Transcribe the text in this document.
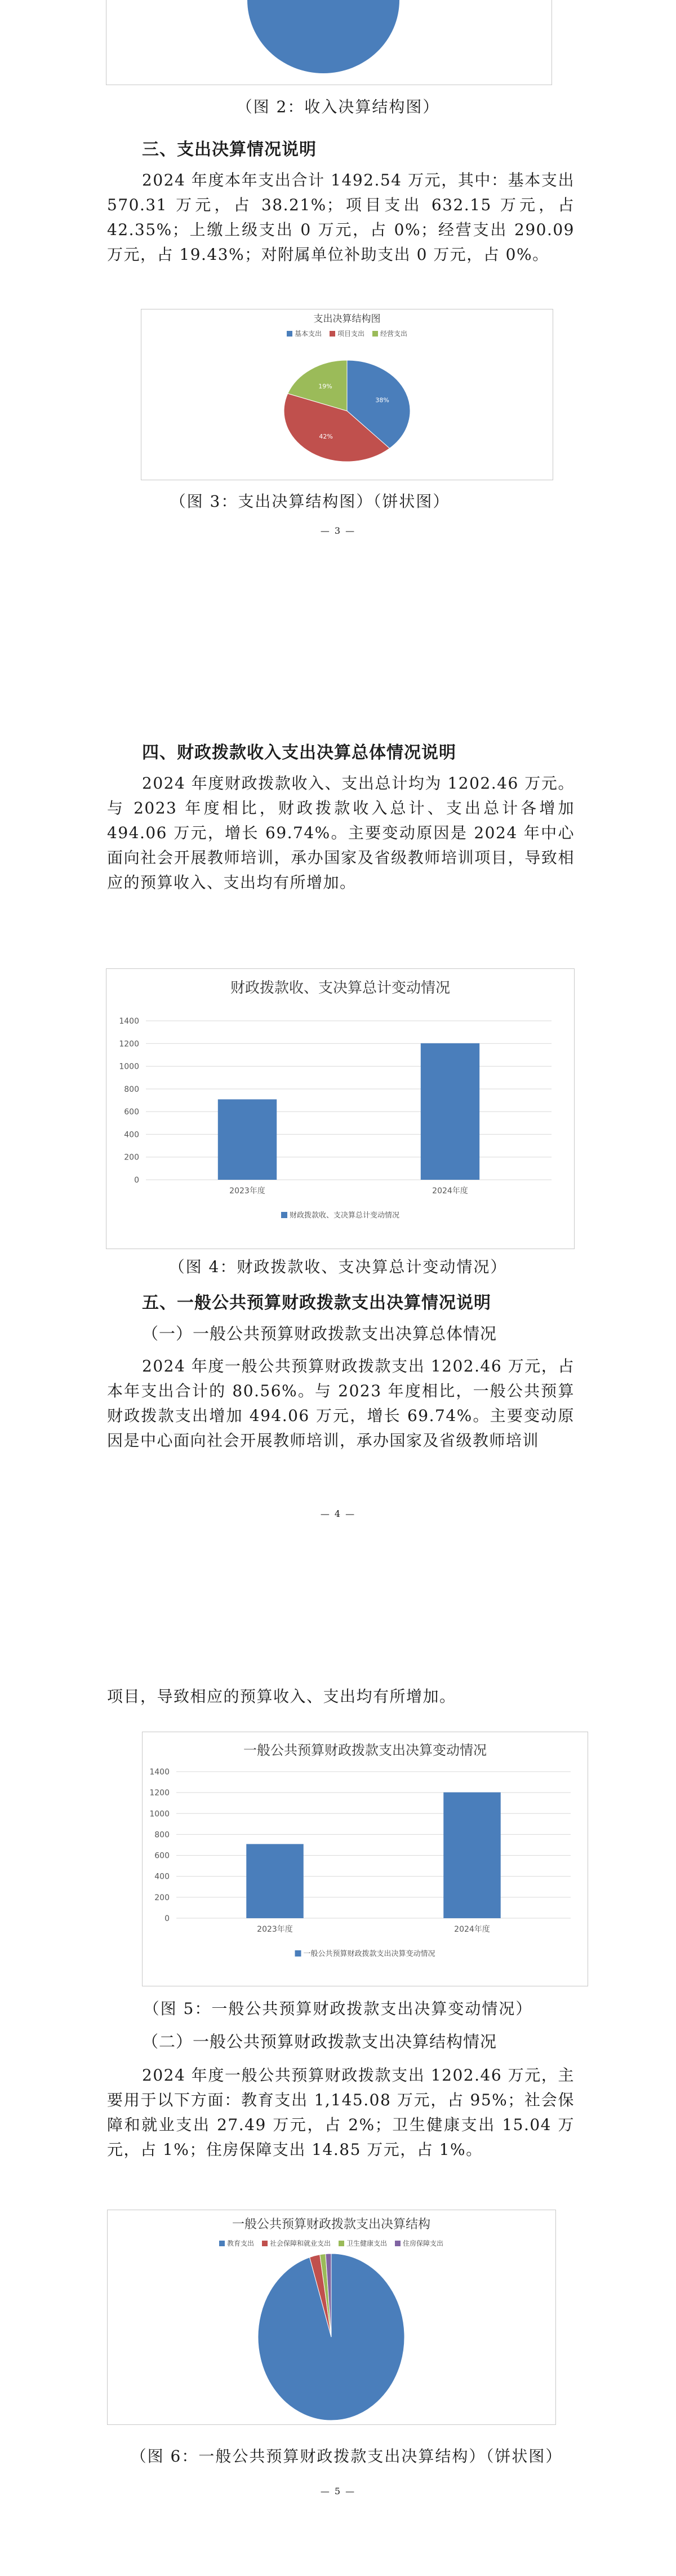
（图 2：收入决算结构图）

三、支出决算情况说明

2024 年度本年支出合计 1492.54 万元，其中：基本支出 570.31 万元，占 38.21%；项目支出 632.15 万元，占 42.35%；上缴上级支出 0 万元，占 0%；经营支出 290.09 万元，占 19.43%；对附属单位补助支出 0 万元，占 0%。

支出决算结构图
基本支出 项目支出 经营支出
38%
42%
19%

（图 3：支出决算结构图）（饼状图）

— 3 —

四、财政拨款收入支出决算总体情况说明

2024 年度财政拨款收入、支出总计均为 1202.46 万元。与 2023 年度相比，财政拨款收入总计、支出总计各增加 494.06 万元，增长 69.74%。主要变动原因是 2024 年中心面向社会开展教师培训，承办国家及省级教师培训项目，导致相应的预算收入、支出均有所增加。

财政拨款收、支决算总计变动情况
0
200
400
600
800
1000
1200
1400
2023年度	2024年度
财政拨款收、支决算总计变动情况

（图 4：财政拨款收、支决算总计变动情况）

五、一般公共预算财政拨款支出决算情况说明

（一）一般公共预算财政拨款支出决算总体情况

2024 年度一般公共预算财政拨款支出 1202.46 万元，占本年支出合计的 80.56%。与 2023 年度相比，一般公共预算财政拨款支出增加 494.06 万元，增长 69.74%。主要变动原因是中心面向社会开展教师培训，承办国家及省级教师培训

— 4 —

项目，导致相应的预算收入、支出均有所增加。

一般公共预算财政拨款支出决算变动情况
0
200
400
600
800
1000
1200
1400
2023年度	2024年度
一般公共预算财政拨款支出决算变动情况

（图 5：一般公共预算财政拨款支出决算变动情况）

（二）一般公共预算财政拨款支出决算结构情况

2024 年度一般公共预算财政拨款支出 1202.46 万元，主要用于以下方面：教育支出 1,145.08 万元，占 95%；社会保障和就业支出 27.49 万元，占 2%；卫生健康支出 15.04 万元，占 1%；住房保障支出 14.85 万元，占 1%。

一般公共预算财政拨款支出决算结构
教育支出 社会保障和就业支出 卫生健康支出 住房保障支出

（图 6：一般公共预算财政拨款支出决算结构）（饼状图）

— 5 —
